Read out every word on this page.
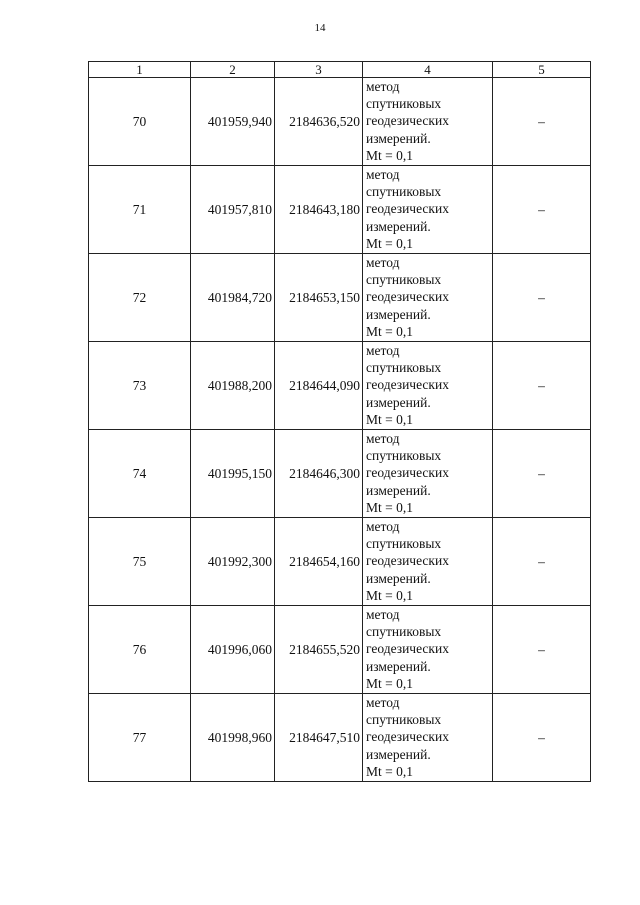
14
1	2	3	4	5
70	401959,940	2184636,520	метод
спутниковых
геодезических
измерений.
Mt = 0,1	–
71	401957,810	2184643,180	метод
спутниковых
геодезических
измерений.
Mt = 0,1	–
72	401984,720	2184653,150	метод
спутниковых
геодезических
измерений.
Mt = 0,1	–
73	401988,200	2184644,090	метод
спутниковых
геодезических
измерений.
Mt = 0,1	–
74	401995,150	2184646,300	метод
спутниковых
геодезических
измерений.
Mt = 0,1	–
75	401992,300	2184654,160	метод
спутниковых
геодезических
измерений.
Mt = 0,1	–
76	401996,060	2184655,520	метод
спутниковых
геодезических
измерений.
Mt = 0,1	–
77	401998,960	2184647,510	метод
спутниковых
геодезических
измерений.
Mt = 0,1	–
